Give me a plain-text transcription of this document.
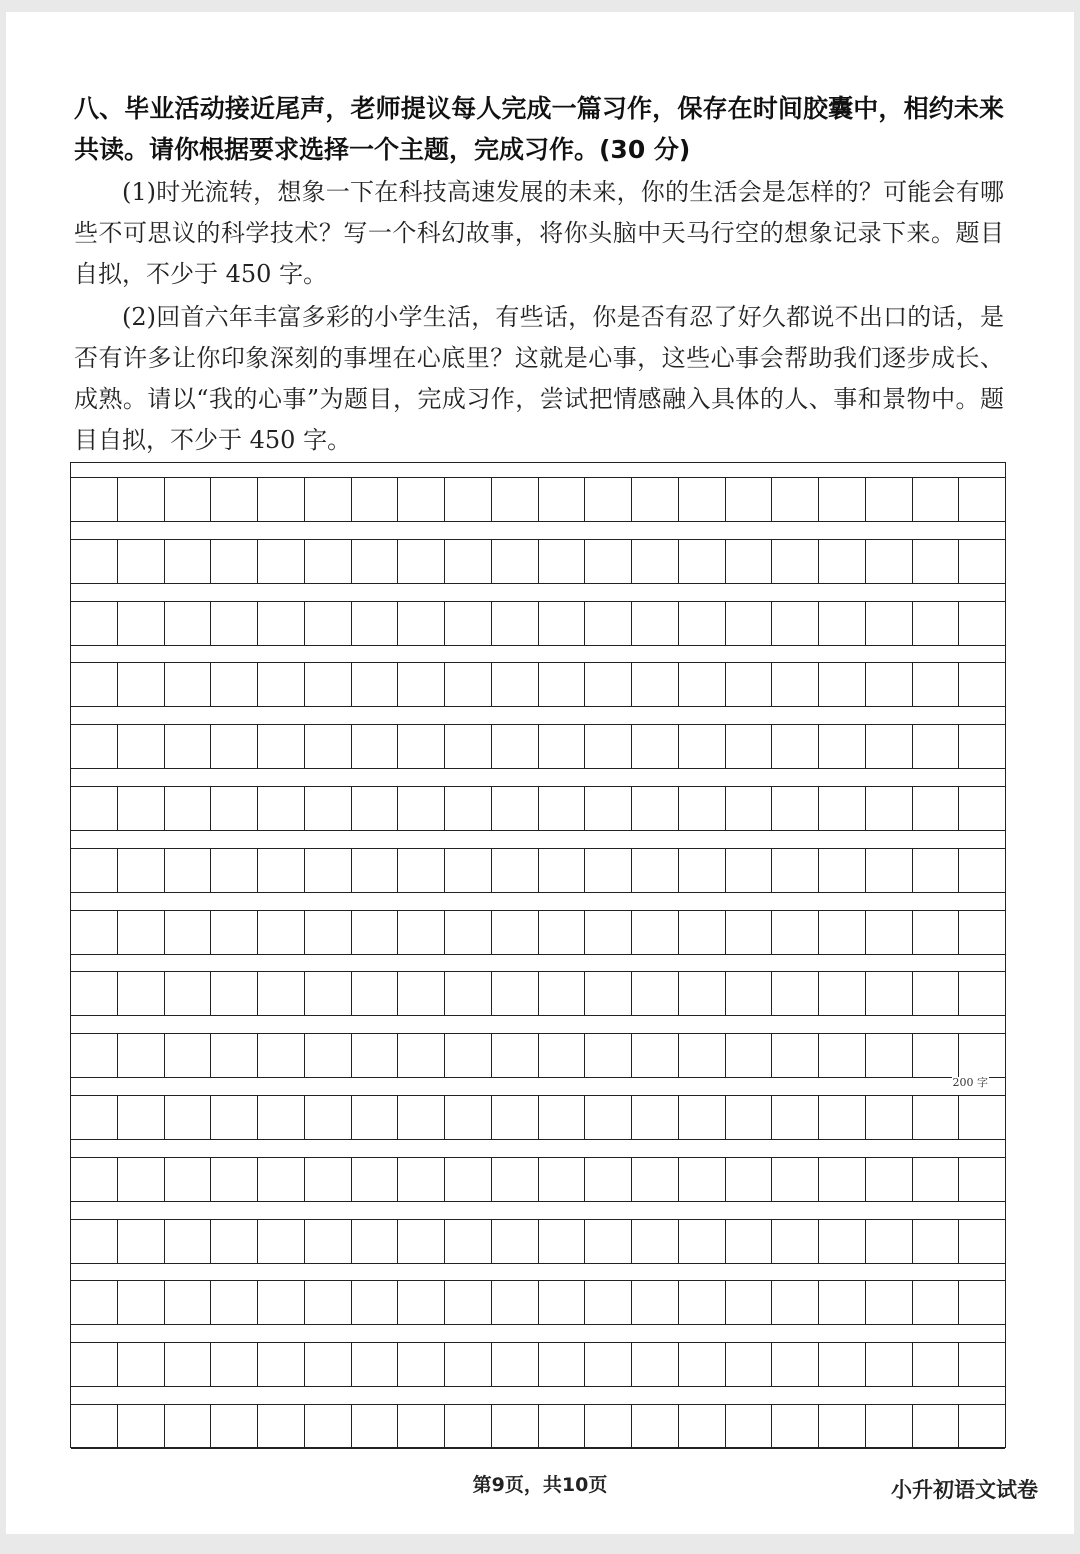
八、毕业活动接近尾声，老师提议每人完成一篇习作，保存在时间胶囊中，相约未来共读。请你根据要求选择一个主题，完成习作。(30 分)
(1)时光流转，想象一下在科技高速发展的未来，你的生活会是怎样的？可能会有哪些不可思议的科学技术？写一个科幻故事，将你头脑中天马行空的想象记录下来。题目自拟，不少于 450 字。
(2)回首六年丰富多彩的小学生活，有些话，你是否有忍了好久都说不出口的话，是否有许多让你印象深刻的事埋在心底里？这就是心事，这些心事会帮助我们逐步成长、成熟。请以“我的心事”为题目，完成习作，尝试把情感融入具体的人、事和景物中。题目自拟，不少于 450 字。
200 字
第9页，共10页	小升初语文试卷
